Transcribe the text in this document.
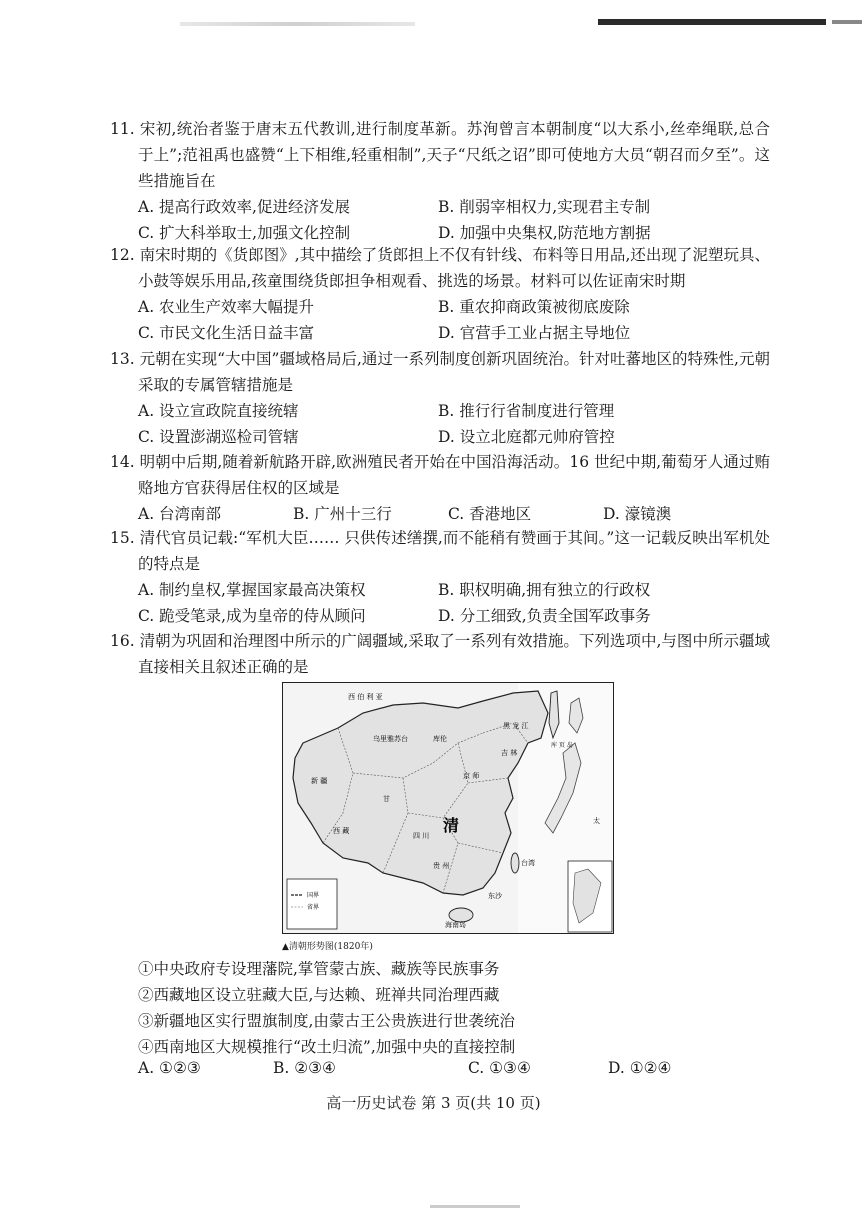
11. 宋初,统治者鉴于唐末五代教训,进行制度革新。苏洵曾言本朝制度“以大系小,丝牵绳联,总合于上”;范祖禹也盛赞“上下相维,轻重相制”,天子“尺纸之诏”即可使地方大员“朝召而夕至”。这些措施旨在

A. 提高行政效率,促进经济发展	B. 削弱宰相权力,实现君主专制
C. 扩大科举取士,加强文化控制	D. 加强中央集权,防范地方割据

12. 南宋时期的《货郎图》,其中描绘了货郎担上不仅有针线、布料等日用品,还出现了泥塑玩具、小鼓等娱乐用品,孩童围绕货郎担争相观看、挑选的场景。材料可以佐证南宋时期

A. 农业生产效率大幅提升	B. 重农抑商政策被彻底废除
C. 市民文化生活日益丰富	D. 官营手工业占据主导地位

13. 元朝在实现“大中国”疆域格局后,通过一系列制度创新巩固统治。针对吐蕃地区的特殊性,元朝采取的专属管辖措施是

A. 设立宣政院直接统辖	B. 推行行省制度进行管理
C. 设置澎湖巡检司管辖	D. 设立北庭都元帅府管控

14. 明朝中后期,随着新航路开辟,欧洲殖民者开始在中国沿海活动。16 世纪中期,葡萄牙人通过贿赂地方官获得居住权的区域是

A. 台湾南部	B. 广州十三行	C. 香港地区	D. 濠镜澳

15. 清代官员记载:“军机大臣…… 只供传述缮撰,而不能稍有赞画于其间。”这一记载反映出军机处的特点是

A. 制约皇权,掌握国家最高决策权	B. 职权明确,拥有独立的行政权
C. 跪受笔录,成为皇帝的侍从顾问	D. 分工细致,负责全国军政事务

16. 清朝为巩固和治理图中所示的广阔疆域,采取了一系列有效措施。下列选项中,与图中所示疆域直接相关且叙述正确的是

西 伯 利 亚
乌里雅苏台	库伦
新 疆
甘
西 藏
四 川
贵 州
清
京 师
黑 龙 江
吉 林
库 页 岛
海南岛
东沙
台湾
太
国界
省界
▲清朝形势图(1820年)
①中央政府专设理藩院,掌管蒙古族、藏族等民族事务
②西藏地区设立驻藏大臣,与达赖、班禅共同治理西藏
③新疆地区实行盟旗制度,由蒙古王公贵族进行世袭统治
④西南地区大规模推行“改土归流”,加强中央的直接控制
A. ①②③	B. ②③④	C. ①③④	D. ①②④
高一历史试卷 第 3 页(共 10 页)
